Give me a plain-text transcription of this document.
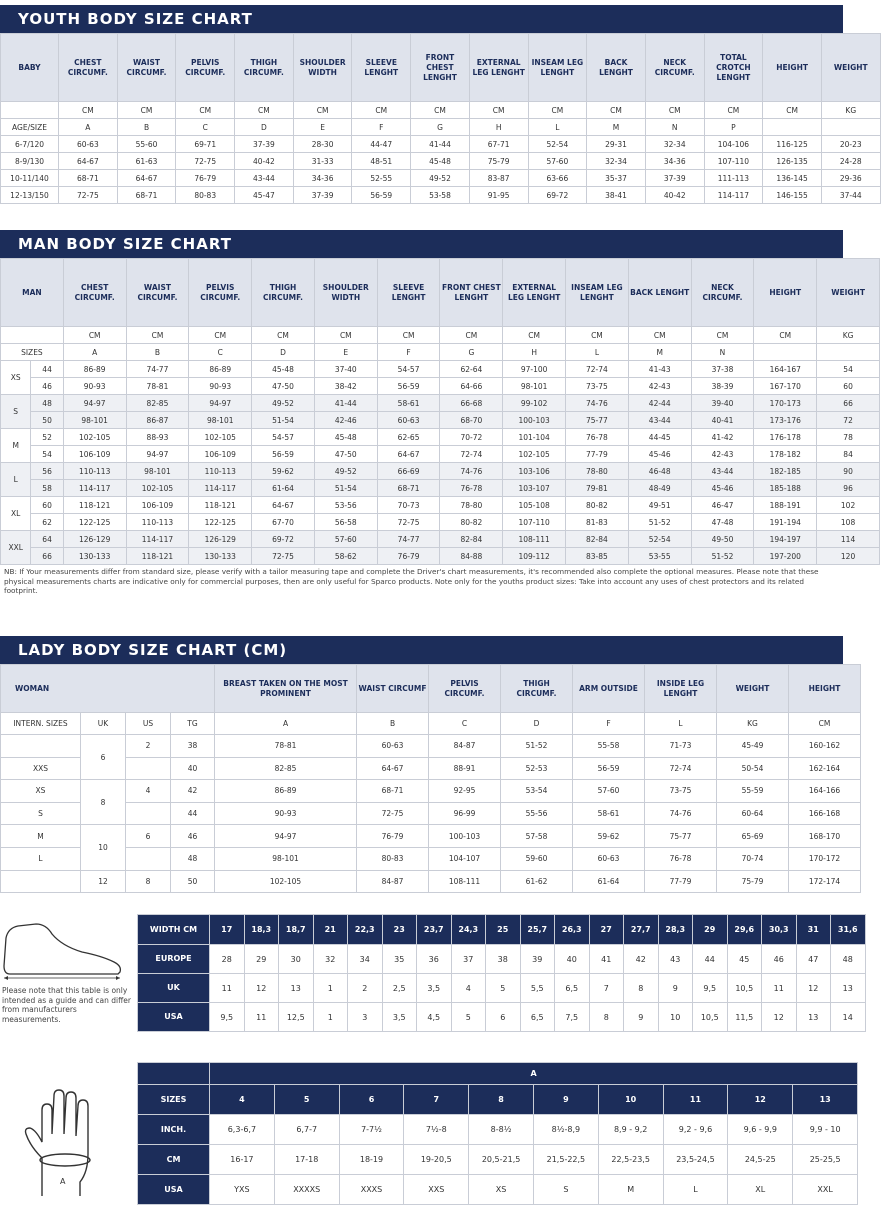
YOUTH BODY SIZE CHART
BABY	CHEST CIRCUMF.	WAIST CIRCUMF.	PELVIS CIRCUMF.	THIGH CIRCUMF.	SHOULDER WIDTH	SLEEVE LENGHT	FRONT CHEST LENGHT	EXTERNAL LEG LENGHT	INSEAM LEG LENGHT	BACK LENGHT	NECK CIRCUMF.	TOTAL CROTCH LENGHT	HEIGHT	WEIGHT
	CM	CM	CM	CM	CM	CM	CM	CM	CM	CM	CM	CM	CM	KG
AGE/SIZE	A	B	C	D	E	F	G	H	L	M	N	P		
6-7/120	60-63	55-60	69-71	37-39	28-30	44-47	41-44	67-71	52-54	29-31	32-34	104-106	116-125	20-23
8-9/130	64-67	61-63	72-75	40-42	31-33	48-51	45-48	75-79	57-60	32-34	34-36	107-110	126-135	24-28
10-11/140	68-71	64-67	76-79	43-44	34-36	52-55	49-52	83-87	63-66	35-37	37-39	111-113	136-145	29-36
12-13/150	72-75	68-71	80-83	45-47	37-39	56-59	53-58	91-95	69-72	38-41	40-42	114-117	146-155	37-44
MAN BODY SIZE CHART
MAN		CHEST CIRCUMF.	WAIST CIRCUMF.	PELVIS CIRCUMF.	THIGH CIRCUMF.	SHOULDER WIDTH	SLEEVE LENGHT	FRONT CHEST LENGHT	EXTERNAL LEG LENGHT	INSEAM LEG LENGHT	BACK LENGHT	NECK CIRCUMF.	HEIGHT	WEIGHT
		CM	CM	CM	CM	CM	CM	CM	CM	CM	CM	CM	CM	KG
SIZES		A	B	C	D	E	F	G	H	L	M	N		
XS	44	86-89	74-77	86-89	45-48	37-40	54-57	62-64	97-100	72-74	41-43	37-38	164-167	54
	46	90-93	78-81	90-93	47-50	38-42	56-59	64-66	98-101	73-75	42-43	38-39	167-170	60
S	48	94-97	82-85	94-97	49-52	41-44	58-61	66-68	99-102	74-76	42-44	39-40	170-173	66
	50	98-101	86-87	98-101	51-54	42-46	60-63	68-70	100-103	75-77	43-44	40-41	173-176	72
M	52	102-105	88-93	102-105	54-57	45-48	62-65	70-72	101-104	76-78	44-45	41-42	176-178	78
	54	106-109	94-97	106-109	56-59	47-50	64-67	72-74	102-105	77-79	45-46	42-43	178-182	84
L	56	110-113	98-101	110-113	59-62	49-52	66-69	74-76	103-106	78-80	46-48	43-44	182-185	90
	58	114-117	102-105	114-117	61-64	51-54	68-71	76-78	103-107	79-81	48-49	45-46	185-188	96
XL	60	118-121	106-109	118-121	64-67	53-56	70-73	78-80	105-108	80-82	49-51	46-47	188-191	102
	62	122-125	110-113	122-125	67-70	56-58	72-75	80-82	107-110	81-83	51-52	47-48	191-194	108
XXL	64	126-129	114-117	126-129	69-72	57-60	74-77	82-84	108-111	82-84	52-54	49-50	194-197	114
	66	130-133	118-121	130-133	72-75	58-62	76-79	84-88	109-112	83-85	53-55	51-52	197-200	120
NB: If Your measurements differ from standard size, please verify with a tailor measuring tape and complete the Driver's chart measurements, it's recommended also complete the optional measures. Please note that these physical measurements charts are indicative only for commercial purposes, then are only useful for Sparco products. Note only for the youths product sizes: Take into account any uses of chest protectors and its related footprint.
LADY BODY SIZE CHART (CM)
WOMAN				BREAST TAKEN ON THE MOST PROMINENT	WAIST CIRCUMF	PELVIS CIRCUMF.	THIGH CIRCUMF.	ARM OUTSIDE	INSIDE LEG LENGHT	WEIGHT	HEIGHT
INTERN. SIZES	UK	US	TG	A	B	C	D	F	L	KG	CM
	6	2	38	78-81	60-63	84-87	51-52	55-58	71-73	45-49	160-162
XXS			40	82-85	64-67	88-91	52-53	56-59	72-74	50-54	162-164
XS	8	4	42	86-89	68-71	92-95	53-54	57-60	73-75	55-59	164-166
S			44	90-93	72-75	96-99	55-56	58-61	74-76	60-64	166-168
M	10	6	46	94-97	76-79	100-103	57-58	59-62	75-77	65-69	168-170
L			48	98-101	80-83	104-107	59-60	60-63	76-78	70-74	170-172
	12	8	50	102-105	84-87	108-111	61-62	61-64	77-79	75-79	172-174
Please note that this table is only intended as a guide and can differ from manufacturers measurements.
WIDTH CM	17	18,3	18,7	21	22,3	23	23,7	24,3	25	25,7	26,3	27	27,7	28,3	29	29,6	30,3	31	31,6
EUROPE	28	29	30	32	34	35	36	37	38	39	40	41	42	43	44	45	46	47	48
UK	11	12	13	1	2	2,5	3,5	4	5	5,5	6,5	7	8	9	9,5	10,5	11	12	13
USA	9,5	11	12,5	1	3	3,5	4,5	5	6	6,5	7,5	8	9	10	10,5	11,5	12	13	14
A
	A									
SIZES	4	5	6	7	8	9	10	11	12	13
INCH.	6,3-6,7	6,7-7	7-7½	7½-8	8-8½	8½-8,9	8,9 - 9,2	9,2 - 9,6	9,6 - 9,9	9,9 - 10
CM	16-17	17-18	18-19	19-20,5	20,5-21,5	21,5-22,5	22,5-23,5	23,5-24,5	24,5-25	25-25,5
USA	YXS	XXXXS	XXXS	XXS	XS	S	M	L	XL	XXL
